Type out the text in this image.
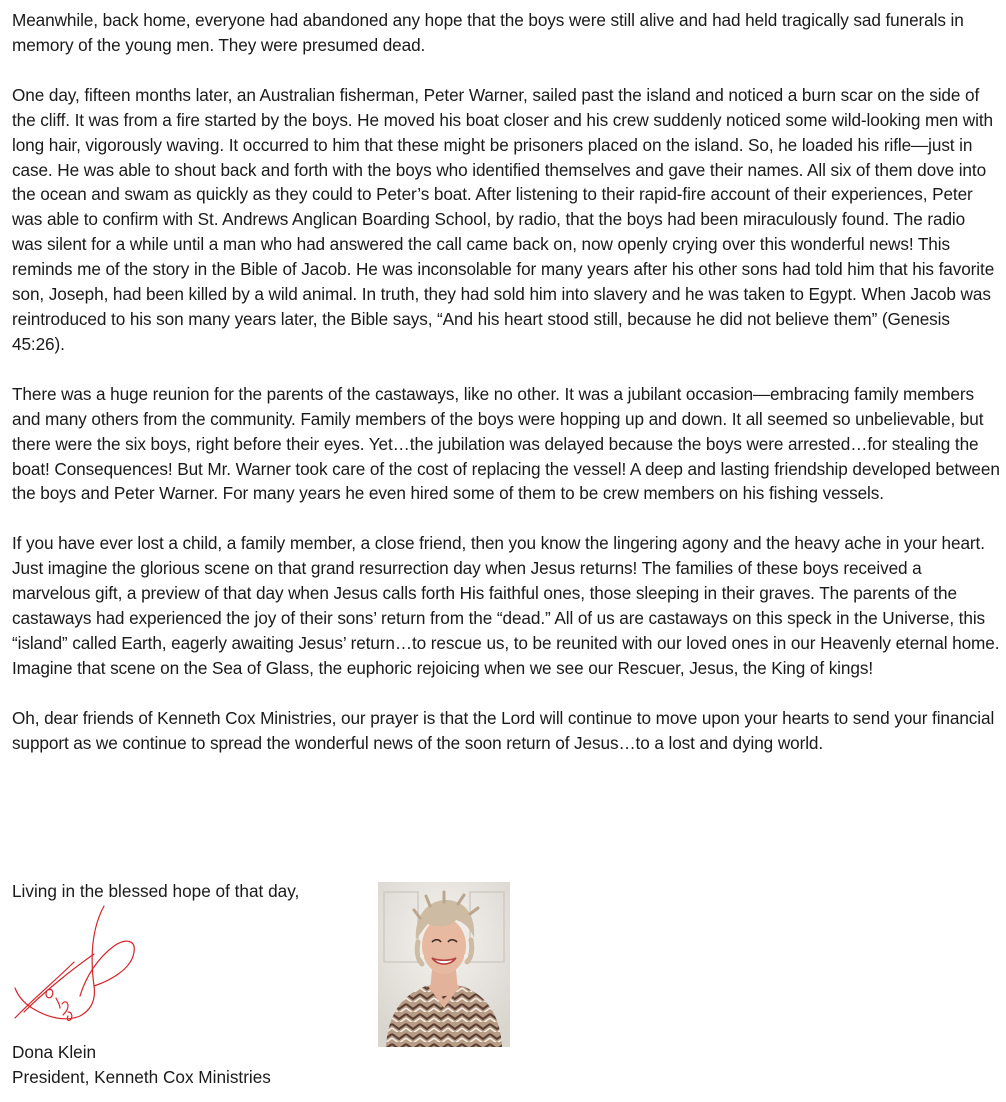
Meanwhile, back home, everyone had abandoned any hope that the boys were still alive and had held tragically sad funerals in memory of the young men. They were presumed dead.

One day, fifteen months later, an Australian fisherman, Peter Warner, sailed past the island and noticed a burn scar on the side of the cliff. It was from a fire started by the boys. He moved his boat closer and his crew suddenly noticed some wild-looking men with long hair, vigorously waving. It occurred to him that these might be prisoners placed on the island. So, he loaded his rifle—just in case. He was able to shout back and forth with the boys who identified themselves and gave their names. All six of them dove into the ocean and swam as quickly as they could to Peter’s boat. After listening to their rapid-fire account of their experiences, Peter was able to confirm with St. Andrews Anglican Boarding School, by radio, that the boys had been miraculously found. The radio was silent for a while until a man who had answered the call came back on, now openly crying over this wonderful news! This reminds me of the story in the Bible of Jacob. He was inconsolable for many years after his other sons had told him that his favorite son, Joseph, had been killed by a wild animal. In truth, they had sold him into slavery and he was taken to Egypt. When Jacob was reintroduced to his son many years later, the Bible says, “And his heart stood still, because he did not believe them” (Genesis 45:26).

There was a huge reunion for the parents of the castaways, like no other. It was a jubilant occasion—embracing family members and many others from the community. Family members of the boys were hopping up and down. It all seemed so unbelievable, but there were the six boys, right before their eyes. Yet…the jubilation was delayed because the boys were arrested…for stealing the boat! Consequences! But Mr. Warner took care of the cost of replacing the vessel! A deep and lasting friendship developed between the boys and Peter Warner. For many years he even hired some of them to be crew members on his fishing vessels.

If you have ever lost a child, a family member, a close friend, then you know the lingering agony and the heavy ache in your heart. Just imagine the glorious scene on that grand resurrection day when Jesus returns! The families of these boys received a marvelous gift, a preview of that day when Jesus calls forth His faithful ones, those sleeping in their graves. The parents of the castaways had experienced the joy of their sons’ return from the “dead.” All of us are castaways on this speck in the Universe, this “island” called Earth, eagerly awaiting Jesus’ return…to rescue us, to be reunited with our loved ones in our Heavenly eternal home. Imagine that scene on the Sea of Glass, the euphoric rejoicing when we see our Rescuer, Jesus, the King of kings!

Oh, dear friends of Kenneth Cox Ministries, our prayer is that the Lord will continue to move upon your hearts to send your financial support as we continue to spread the wonderful news of the soon return of Jesus…to a lost and dying world.

Living in the blessed hope of that day,
Dona Klein
President, Kenneth Cox Ministries
